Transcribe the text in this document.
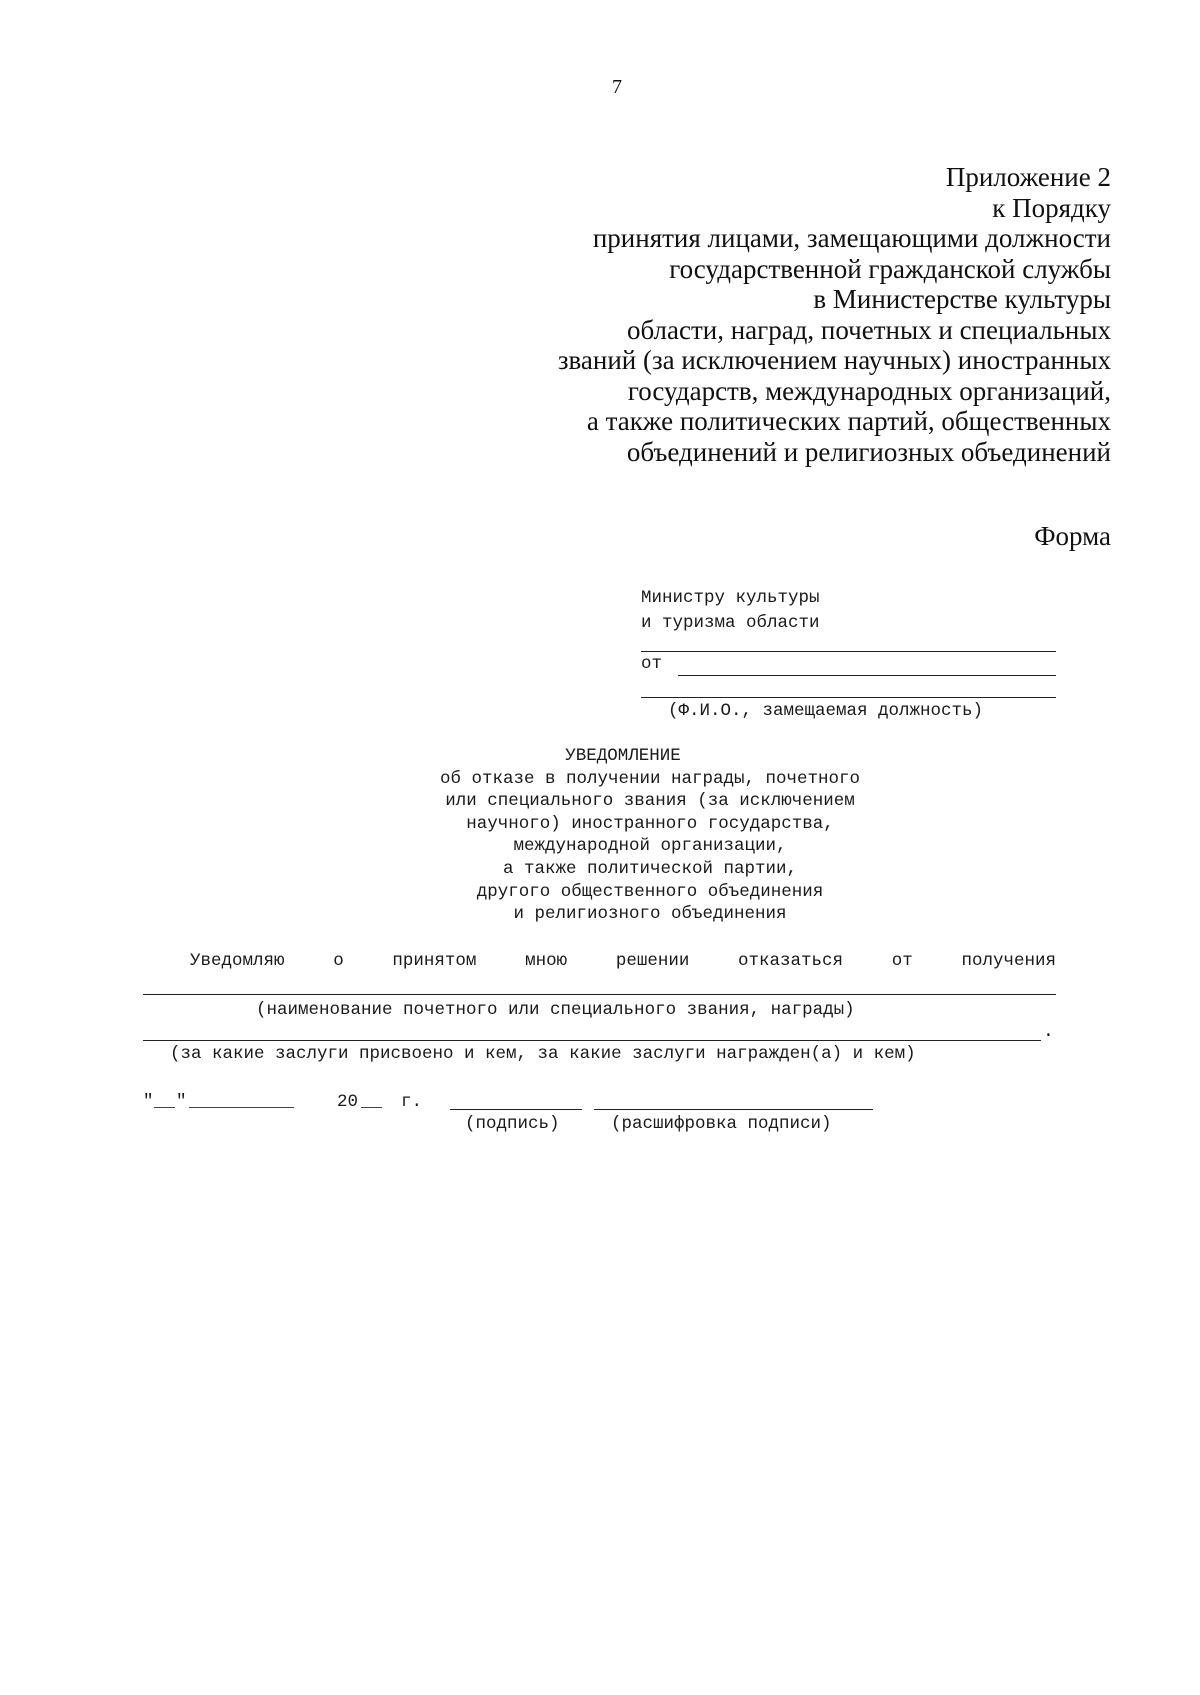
7
Приложение 2
к Порядку
принятия лицами, замещающими должности
государственной гражданской службы
в Министерстве культуры
области, наград, почетных и специальных
званий (за исключением научных) иностранных
государств, международных организаций,
а также политических партий, общественных
объединений и религиозных объединений
Форма
Министру культуры
и туризма области
от
(Ф.И.О., замещаемая должность)
УВЕДОМЛЕНИЕ
об отказе в получении награды, почетного
или специального звания (за исключением
научного) иностранного государства,
международной организации,
а также политической партии,
другого общественного объединения
и религиозного объединения
Уведомляю	о	принятом	мною	решении	отказаться	от	получения
(наименование почетного или специального звания, награды)
.
(за какие заслуги присвоено и кем, за какие заслуги награжден(а) и кем)
" __ " __________ 20 __ г.
(подпись)	(расшифровка подписи)
